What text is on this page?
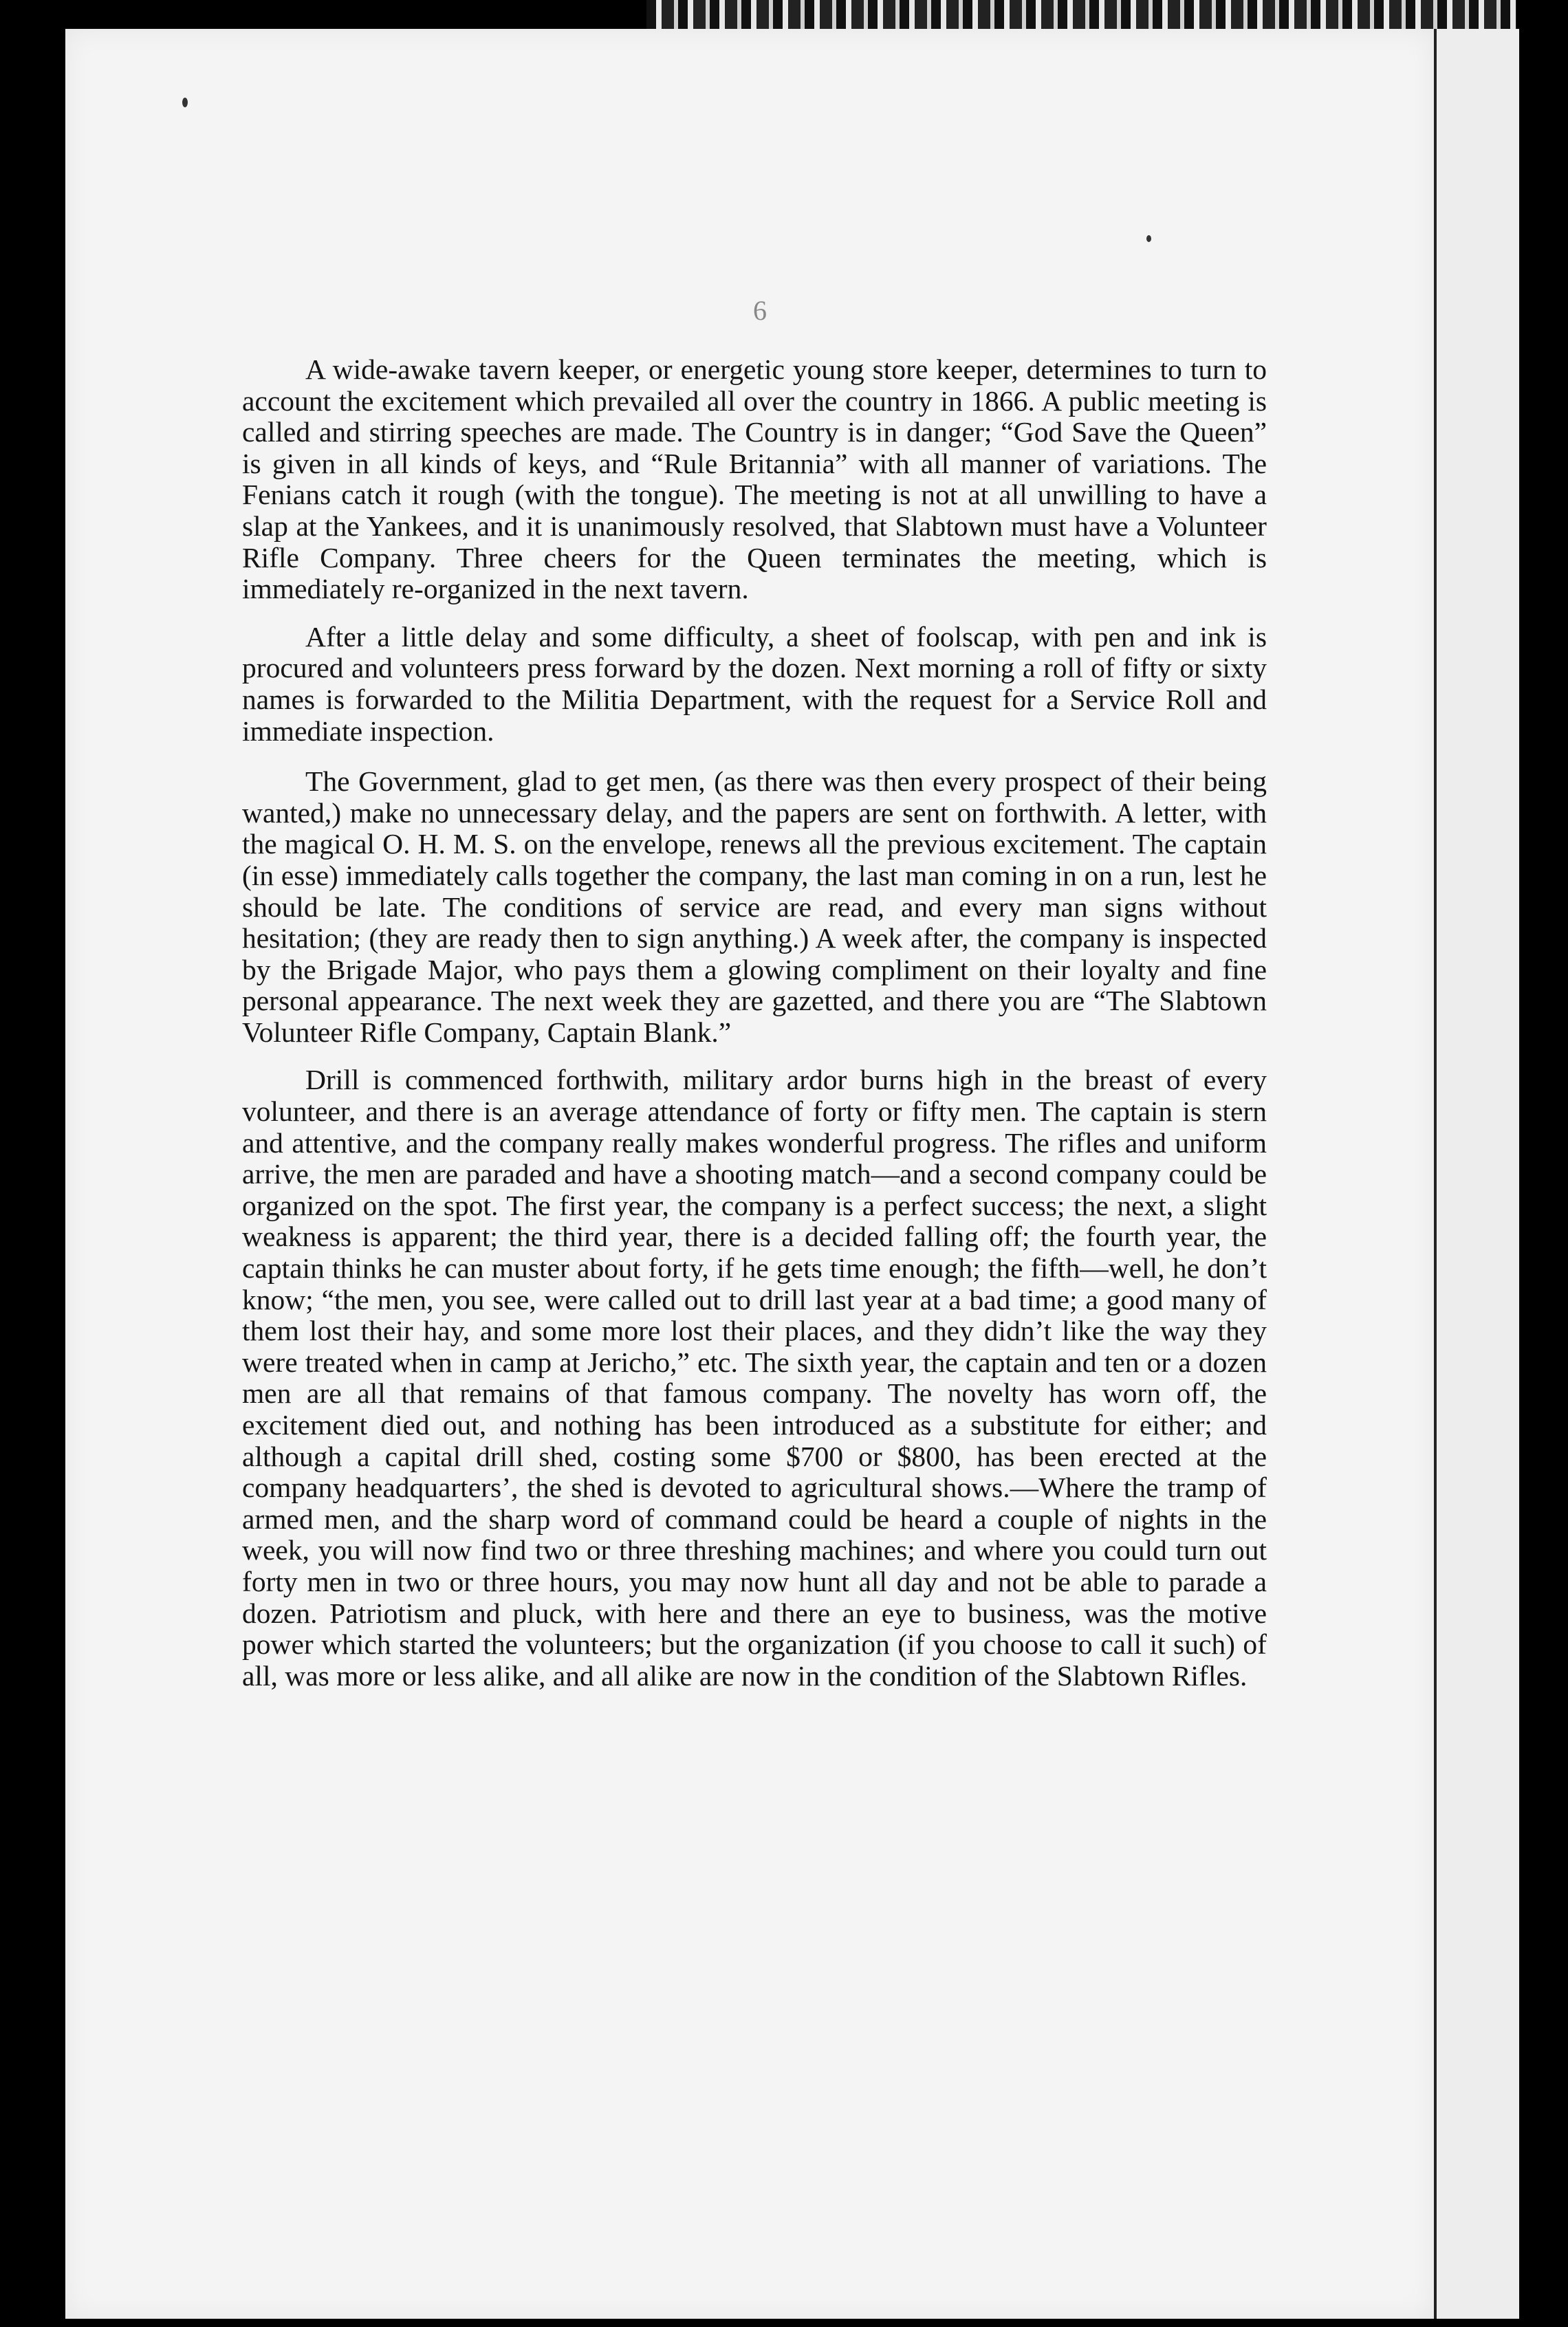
6

A wide-awake tavern keeper, or energetic young store keeper, determines to turn to account the excitement which prevailed all over the country in 1866. A public meeting is called and stirring speeches are made. The Country is in danger; “God Save the Queen” is given in all kinds of keys, and “Rule Britannia” with all manner of variations. The Fenians catch it rough (with the tongue). The meeting is not at all unwilling to have a slap at the Yankees, and it is unanimously resolved, that Slabtown must have a Volunteer Rifle Company. Three cheers for the Queen terminates the meeting, which is immediately re-organized in the next tavern.

After a little delay and some difficulty, a sheet of foolscap, with pen and ink is procured and volunteers press forward by the dozen. Next morning a roll of fifty or sixty names is forwarded to the Militia Department, with the request for a Service Roll and immediate inspection.

The Government, glad to get men, (as there was then every prospect of their being wanted,) make no unnecessary delay, and the papers are sent on forthwith. A letter, with the magical O. H. M. S. on the envelope, renews all the previous excitement. The captain (in esse) immediately calls together the company, the last man coming in on a run, lest he should be late. The conditions of service are read, and every man signs without hesitation; (they are ready then to sign anything.) A week after, the company is inspected by the Brigade Major, who pays them a glowing compliment on their loyalty and fine personal appearance. The next week they are gazetted, and there you are “The Slabtown Volunteer Rifle Company, Captain Blank.”

Drill is commenced forthwith, military ardor burns high in the breast of every volunteer, and there is an average attendance of forty or fifty men. The captain is stern and attentive, and the company really makes wonderful progress. The rifles and uniform arrive, the men are paraded and have a shooting match—and a second company could be organized on the spot. The first year, the company is a perfect success; the next, a slight weakness is apparent; the third year, there is a decided falling off; the fourth year, the captain thinks he can muster about forty, if he gets time enough; the fifth—well, he don’t know; “the men, you see, were called out to drill last year at a bad time; a good many of them lost their hay, and some more lost their places, and they didn’t like the way they were treated when in camp at Jericho,” etc. The sixth year, the captain and ten or a dozen men are all that remains of that famous company. The novelty has worn off, the excitement died out, and nothing has been introduced as a substitute for either; and although a capital drill shed, costing some $700 or $800, has been erected at the company headquarters’, the shed is devoted to agricultural shows.—Where the tramp of armed men, and the sharp word of command could be heard a couple of nights in the week, you will now find two or three threshing machines; and where you could turn out forty men in two or three hours, you may now hunt all day and not be able to parade a dozen. Patriotism and pluck, with here and there an eye to business, was the motive power which started the volunteers; but the organization (if you choose to call it such) of all, was more or less alike, and all alike are now in the condition of the Slabtown Rifles.
